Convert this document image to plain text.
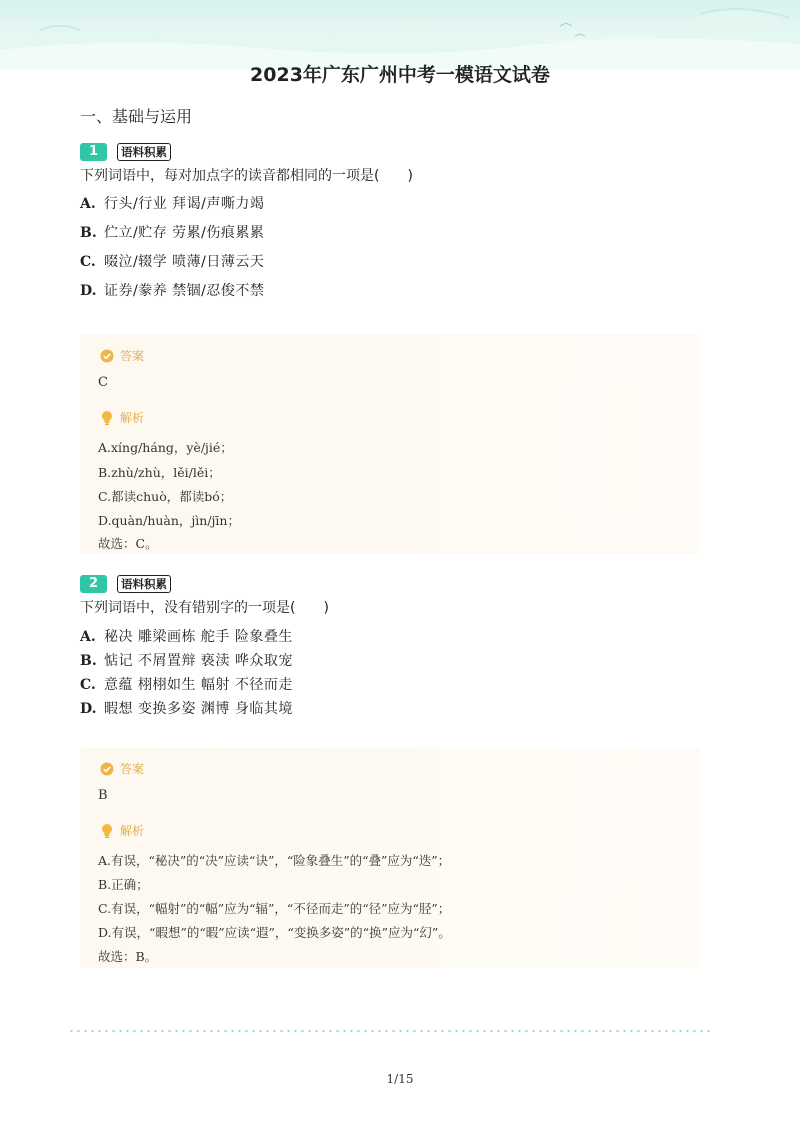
2023年广东广州中考一模语文试卷
一、基础与运用
1	语料积累
下列词语中，每对加点字的读音都相同的一项是(　　)
A. 行头/行业 拜谒/声嘶力竭
B. 伫立/贮存 劳累/伤痕累累
C. 啜泣/辍学 喷薄/日薄云天
D. 证券/豢养 禁锢/忍俊不禁
答案
C
解析
A.xíng/háng，yè/jié；
B.zhù/zhù，lěi/lěi；
C.都读chuò，都读bó；
D.quàn/huàn，jìn/jīn；
故选：C。
2	语料积累
下列词语中，没有错别字的一项是(　　)
A. 秘决 雕梁画栋 舵手 险象叠生
B. 惦记 不屑置辩 亵渎 哗众取宠
C. 意蕴 栩栩如生 幅射 不径而走
D. 暇想 变换多姿 渊博 身临其境
答案
B
解析
A.有误，“秘决”的“决”应读“诀”，“险象叠生”的“叠”应为“迭”；
B.正确；
C.有误，“幅射”的“幅”应为“辐”，“不径而走”的“径”应为“胫”；
D.有误，“暇想”的“暇”应读“遐”，“变换多姿”的“换”应为“幻”。
故选：B。
1/15
